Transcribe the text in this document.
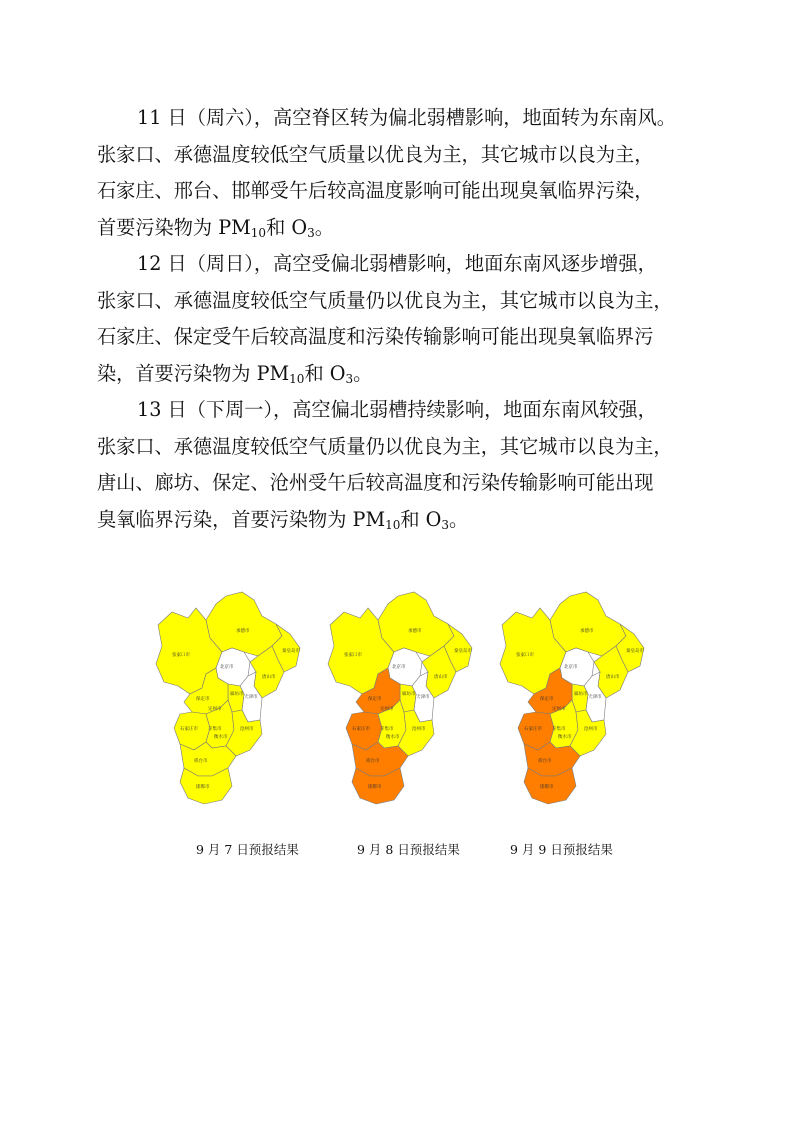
11 日（周六），高空脊区转为偏北弱槽影响，地面转为东南风。
张家口、承德温度较低空气质量以优良为主，其它城市以良为主，
石家庄、邢台、邯郸受午后较高温度影响可能出现臭氧临界污染，
首要污染物为 $PM_{10}$和 $O_3$。

12 日（周日），高空受偏北弱槽影响，地面东南风逐步增强，
张家口、承德温度较低空气质量仍以优良为主，其它城市以良为主，
石家庄、保定受午后较高温度和污染传输影响可能出现臭氧临界污
染，首要污染物为 $PM_{10}$和 $O_3$。

13 日（下周一），高空偏北弱槽持续影响，地面东南风较强，
张家口、承德温度较低空气质量仍以优良为主，其它城市以良为主，
唐山、廊坊、保定、沧州受午后较高温度和污染传输影响可能出现
臭氧临界污染，首要污染物为 $PM_{10}$和 $O_3$。

张家口市
承德市
秦皇岛市
唐山市
北京市
廊坊市
天津市
保定市
定州市
石家庄市 辛集市
衡水市
沧州市
邢台市
邯郸市
张家口市
承德市
秦皇岛市
唐山市
北京市
廊坊市
天津市
保定市
定州市
石家庄市 辛集市
衡水市
沧州市
邢台市
邯郸市
张家口市
承德市
秦皇岛市
唐山市
北京市
廊坊市
天津市
保定市
定州市
石家庄市 辛集市
衡水市
沧州市
邢台市
邯郸市
9 月 7 日预报结果	9 月 8 日预报结果	9 月 9 日预报结果
